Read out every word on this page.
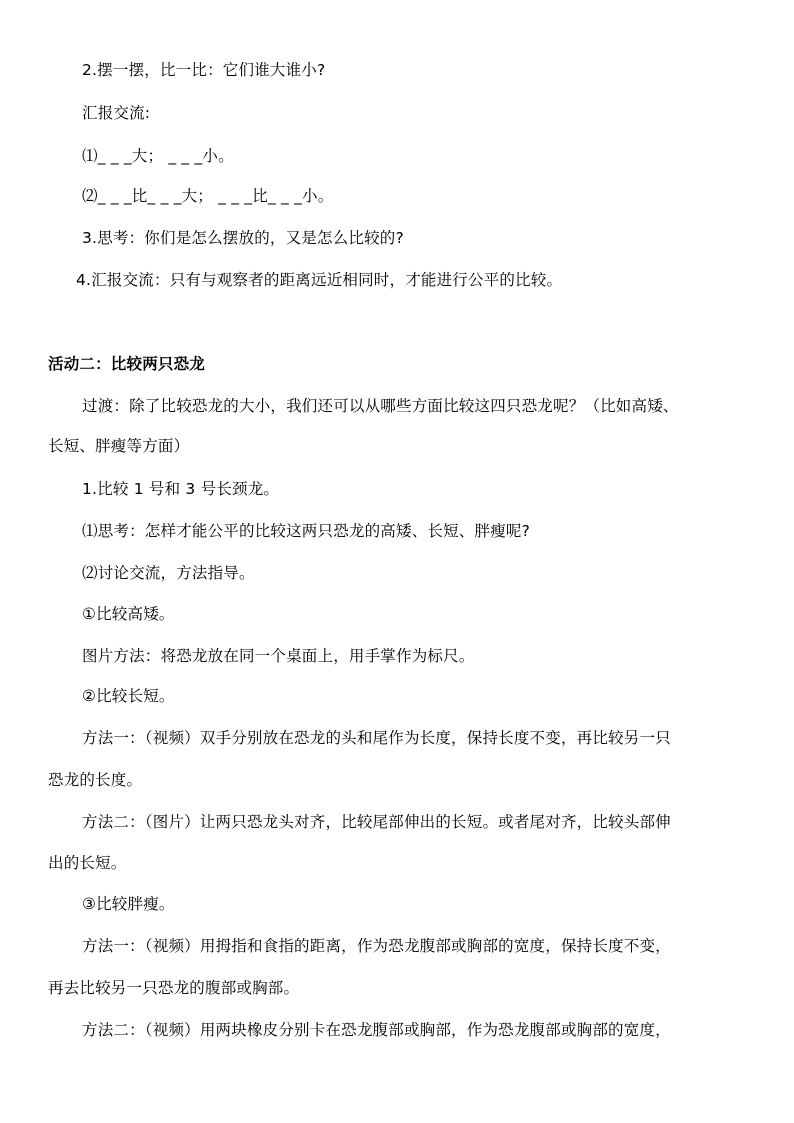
2.摆一摆，比一比：它们谁大谁小?
汇报交流:
⑴_ _ _大； _ _ _小。
⑵_ _ _比_ _ _大； _ _ _比_ _ _小。
3.思考：你们是怎么摆放的，又是怎么比较的?
4.汇报交流：只有与观察者的距离远近相同时，才能进行公平的比较。
活动二：比较两只恐龙
过渡：除了比较恐龙的大小，我们还可以从哪些方面比较这四只恐龙呢？（比如高矮、
长短、胖瘦等方面）
1.比较 1 号和 3 号长颈龙。
⑴思考：怎样才能公平的比较这两只恐龙的高矮、长短、胖瘦呢?
⑵讨论交流，方法指导。
①比较高矮。
图片方法：将恐龙放在同一个桌面上，用手掌作为标尺。
②比较长短。
方法一：（视频）双手分别放在恐龙的头和尾作为长度，保持长度不变，再比较另一只
恐龙的长度。
方法二：（图片）让两只恐龙头对齐，比较尾部伸出的长短。或者尾对齐，比较头部伸
出的长短。
③比较胖瘦。
方法一：（视频）用拇指和食指的距离，作为恐龙腹部或胸部的宽度，保持长度不变，
再去比较另一只恐龙的腹部或胸部。
方法二：（视频）用两块橡皮分别卡在恐龙腹部或胸部，作为恐龙腹部或胸部的宽度，
